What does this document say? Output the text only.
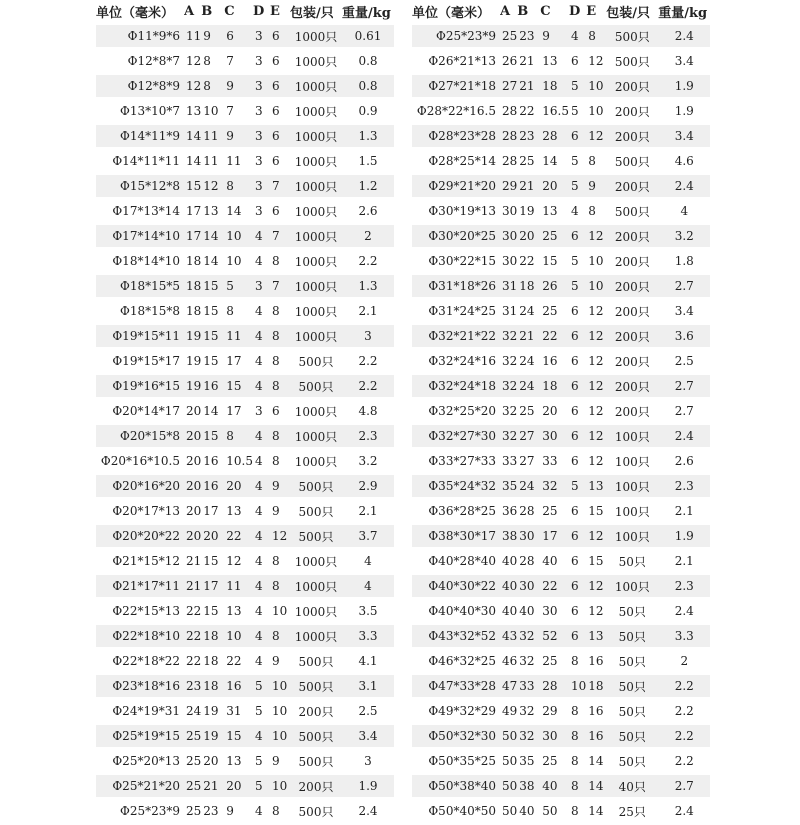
单位（毫米）	A	B	C	D	E	包装/只	重量/kg
Φ11*9*6	11	9	6	3	6	1000只	0.61
Φ12*8*7	12	8	7	3	6	1000只	0.8
Φ12*8*9	12	8	9	3	6	1000只	0.8
Φ13*10*7	13	10	7	3	6	1000只	0.9
Φ14*11*9	14	11	9	3	6	1000只	1.3
Φ14*11*11	14	11	11	3	6	1000只	1.5
Φ15*12*8	15	12	8	3	7	1000只	1.2
Φ17*13*14	17	13	14	3	6	1000只	2.6
Φ17*14*10	17	14	10	4	7	1000只	2
Φ18*14*10	18	14	10	4	8	1000只	2.2
Φ18*15*5	18	15	5	3	7	1000只	1.3
Φ18*15*8	18	15	8	4	8	1000只	2.1
Φ19*15*11	19	15	11	4	8	1000只	3
Φ19*15*17	19	15	17	4	8	500只	2.2
Φ19*16*15	19	16	15	4	8	500只	2.2
Φ20*14*17	20	14	17	3	6	1000只	4.8
Φ20*15*8	20	15	8	4	8	1000只	2.3
Φ20*16*10.5	20	16	10.5	4	8	1000只	3.2
Φ20*16*20	20	16	20	4	9	500只	2.9
Φ20*17*13	20	17	13	4	9	500只	2.1
Φ20*20*22	20	20	22	4	12	500只	3.7
Φ21*15*12	21	15	12	4	8	1000只	4
Φ21*17*11	21	17	11	4	8	1000只	4
Φ22*15*13	22	15	13	4	10	1000只	3.5
Φ22*18*10	22	18	10	4	8	1000只	3.3
Φ22*18*22	22	18	22	4	9	500只	4.1
Φ23*18*16	23	18	16	5	10	500只	3.1
Φ24*19*31	24	19	31	5	10	200只	2.5
Φ25*19*15	25	19	15	4	10	500只	3.4
Φ25*20*13	25	20	13	5	9	500只	3
Φ25*21*20	25	21	20	5	10	200只	1.9
Φ25*23*9	25	23	9	4	8	500只	2.4
单位（毫米）	A	B	C	D	E	包装/只	重量/kg
Φ25*23*9	25	23	9	4	8	500只	2.4
Φ26*21*13	26	21	13	6	12	500只	3.4
Φ27*21*18	27	21	18	5	10	200只	1.9
Φ28*22*16.5	28	22	16.5	5	10	200只	1.9
Φ28*23*28	28	23	28	6	12	200只	3.4
Φ28*25*14	28	25	14	5	8	500只	4.6
Φ29*21*20	29	21	20	5	9	200只	2.4
Φ30*19*13	30	19	13	4	8	500只	4
Φ30*20*25	30	20	25	6	12	200只	3.2
Φ30*22*15	30	22	15	5	10	200只	1.8
Φ31*18*26	31	18	26	5	10	200只	2.7
Φ31*24*25	31	24	25	6	12	200只	3.4
Φ32*21*22	32	21	22	6	12	200只	3.6
Φ32*24*16	32	24	16	6	12	200只	2.5
Φ32*24*18	32	24	18	6	12	200只	2.7
Φ32*25*20	32	25	20	6	12	200只	2.7
Φ32*27*30	32	27	30	6	12	100只	2.4
Φ33*27*33	33	27	33	6	12	100只	2.6
Φ35*24*32	35	24	32	5	13	100只	2.3
Φ36*28*25	36	28	25	6	15	100只	2.1
Φ38*30*17	38	30	17	6	12	100只	1.9
Φ40*28*40	40	28	40	6	15	50只	2.1
Φ40*30*22	40	30	22	6	12	100只	2.3
Φ40*40*30	40	40	30	6	12	50只	2.4
Φ43*32*52	43	32	52	6	13	50只	3.3
Φ46*32*25	46	32	25	8	16	50只	2
Φ47*33*28	47	33	28	10	18	50只	2.2
Φ49*32*29	49	32	29	8	16	50只	2.2
Φ50*32*30	50	32	30	8	16	50只	2.2
Φ50*35*25	50	35	25	8	14	50只	2.2
Φ50*38*40	50	38	40	8	14	40只	2.7
Φ50*40*50	50	40	50	8	14	25只	2.4
